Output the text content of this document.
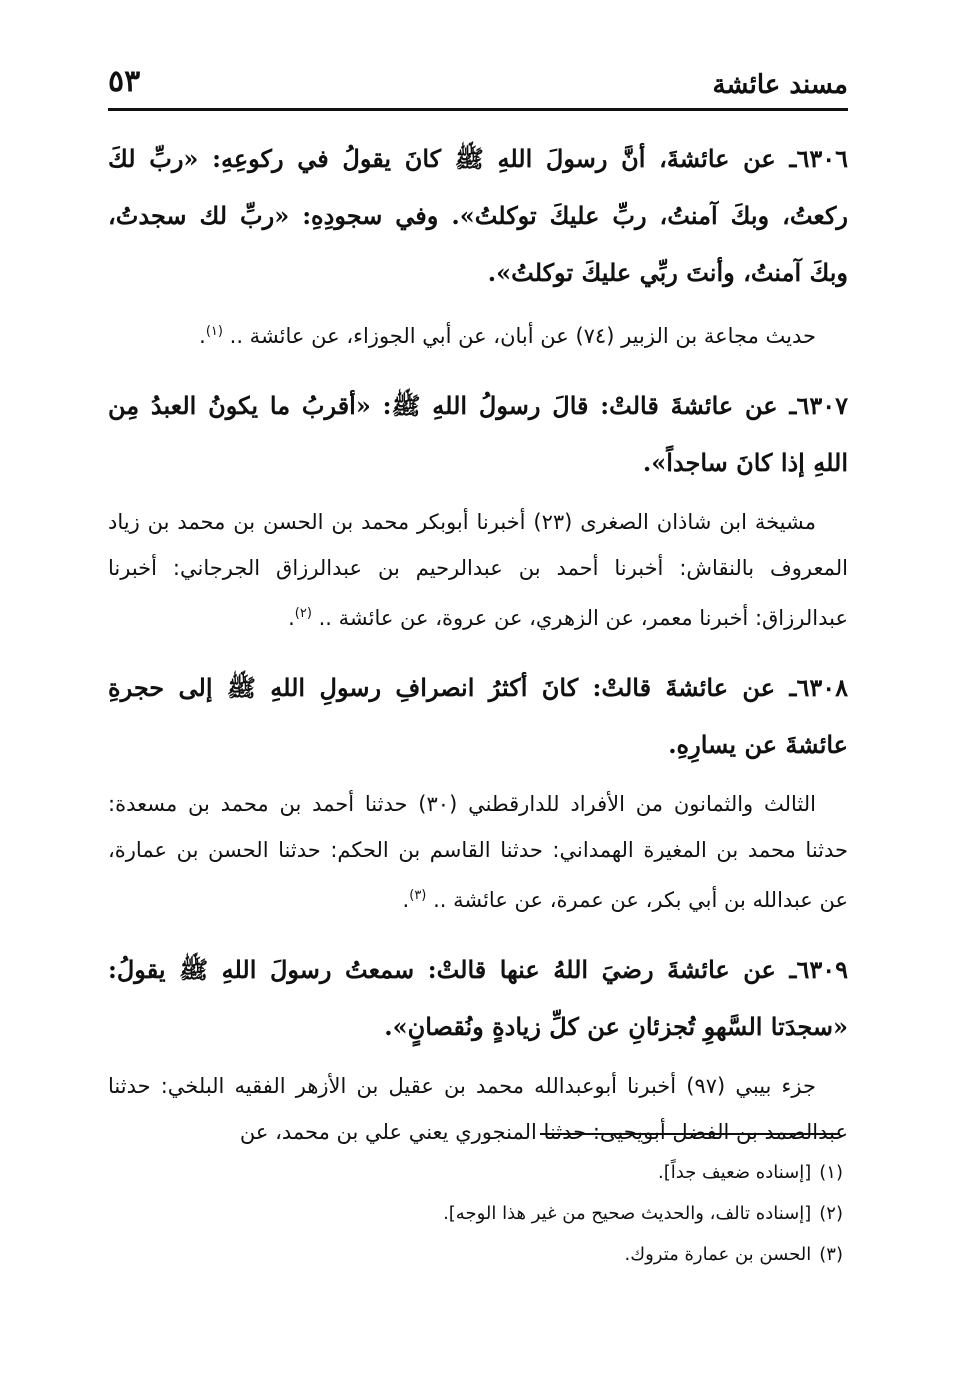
مسند عائشة
٥٣

٦٣٠٦ـ عن عائشةَ، أنَّ رسولَ اللهِ ﷺ كانَ يقولُ في ركوعِهِ: «ربِّ لكَ ركعتُ، وبكَ آمنتُ، ربِّ عليكَ توكلتُ». وفي سجودِهِ: «ربِّ لك سجدتُ، وبكَ آمنتُ، وأنتَ ربِّي عليكَ توكلتُ».

حديث مجاعة بن الزبير (٧٤) عن أبان، عن أبي الجوزاء، عن عائشة .. $^{(١)}$.

٦٣٠٧ـ عن عائشةَ قالتْ: قالَ رسولُ اللهِ ﷺ: «أقربُ ما يكونُ العبدُ مِن اللهِ إذا كانَ ساجداً».

مشيخة ابن شاذان الصغرى (٢٣) أخبرنا أبوبكر محمد بن الحسن بن محمد بن زياد المعروف بالنقاش: أخبرنا أحمد بن عبدالرحيم بن عبدالرزاق الجرجاني: أخبرنا عبدالرزاق: أخبرنا معمر، عن الزهري، عن عروة، عن عائشة .. $^{(٢)}$.

٦٣٠٨ـ عن عائشةَ قالتْ: كانَ أكثرُ انصرافِ رسولِ اللهِ ﷺ إلى حجرةِ عائشةَ عن يسارِهِ.

الثالث والثمانون من الأفراد للدارقطني (٣٠) حدثنا أحمد بن محمد بن مسعدة: حدثنا محمد بن المغيرة الهمداني: حدثنا القاسم بن الحكم: حدثنا الحسن بن عمارة، عن عبدالله بن أبي بكر، عن عمرة، عن عائشة .. $^{(٣)}$.

٦٣٠٩ـ عن عائشةَ رضيَ اللهُ عنها قالتْ: سمعتُ رسولَ اللهِ ﷺ يقولُ: «سجدَتا السَّهوِ تُجزئانِ عن كلِّ زيادةٍ ونُقصانٍ».

جزء بيبي (٩٧) أخبرنا أبوعبدالله محمد بن عقيل بن الأزهر الفقيه البلخي: حدثنا عبدالصمد بن الفضل أبويحيى: حدثنا المنجوري يعني علي بن محمد، عن

(١)[إسناده ضعيف جداً].
(٢)[إسناده تالف، والحديث صحيح من غير هذا الوجه].
(٣)الحسن بن عمارة متروك.
